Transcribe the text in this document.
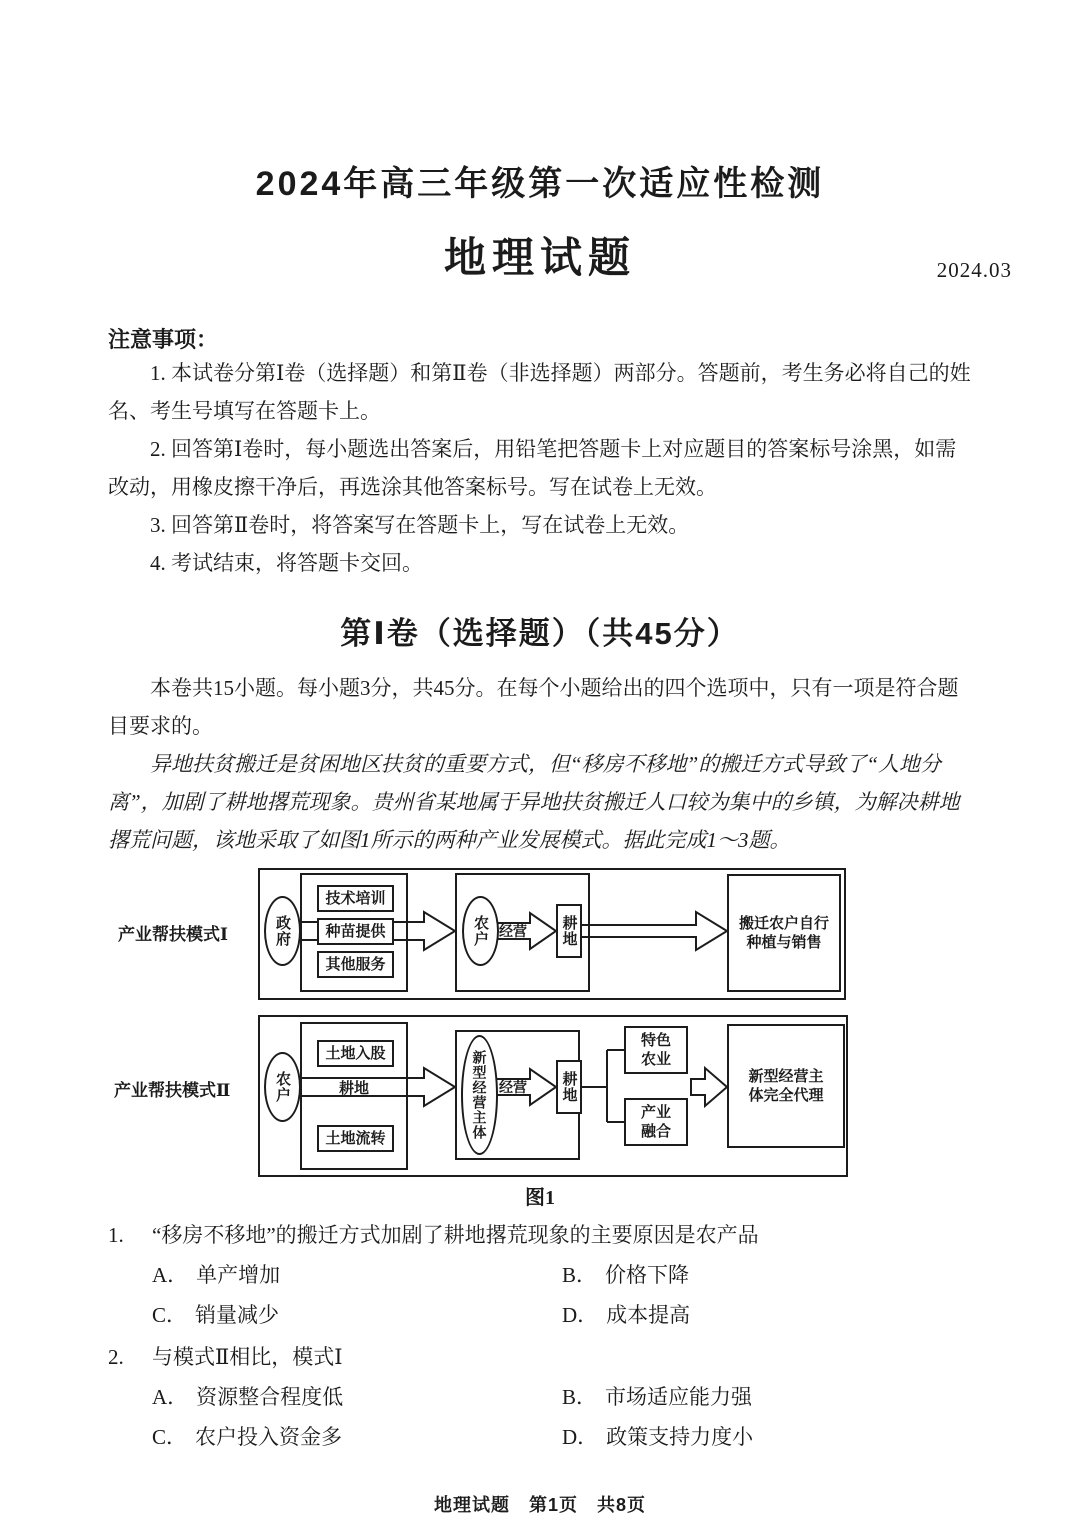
2024年高三年级第一次适应性检测
地理试题	2024.03
注意事项：

1. 本试卷分第Ⅰ卷（选择题）和第Ⅱ卷（非选择题）两部分。答题前，考生务必将自己的姓名、考生号填写在答题卡上。

2. 回答第Ⅰ卷时，每小题选出答案后，用铅笔把答题卡上对应题目的答案标号涂黑，如需改动，用橡皮擦干净后，再选涂其他答案标号。写在试卷上无效。

3. 回答第Ⅱ卷时，将答案写在答题卡上，写在试卷上无效。

4. 考试结束，将答题卡交回。

第Ⅰ卷（选择题）（共45分）

本卷共15小题。每小题3分，共45分。在每个小题给出的四个选项中，只有一项是符合题目要求的。

异地扶贫搬迁是贫困地区扶贫的重要方式，但“移房不移地”的搬迁方式导致了“人地分离”，加剧了耕地撂荒现象。贵州省某地属于异地扶贫搬迁人口较为集中的乡镇，为解决耕地撂荒问题，该地采取了如图1所示的两种产业发展模式。据此完成1～3题。

产业帮扶模式Ⅰ	政府
技术培训
种苗提供
其他服务
农户 经营	耕地	搬迁农户自行
种植与销售
产业帮扶模式Ⅱ	农户
土地入股
耕地
土地流转	新型经营主体 经营	耕地
特色
农业
产业
融合
新型经营主
体完全代理
图1
1.	“移房不移地”的搬迁方式加剧了耕地撂荒现象的主要原因是农产品
A． 单产增加	B． 价格下降
C． 销量减少	D． 成本提高
2.	与模式Ⅱ相比，模式Ⅰ
A． 资源整合程度低	B． 市场适应能力强
C． 农户投入资金多	D． 政策支持力度小
地理试题　第1页　共8页
